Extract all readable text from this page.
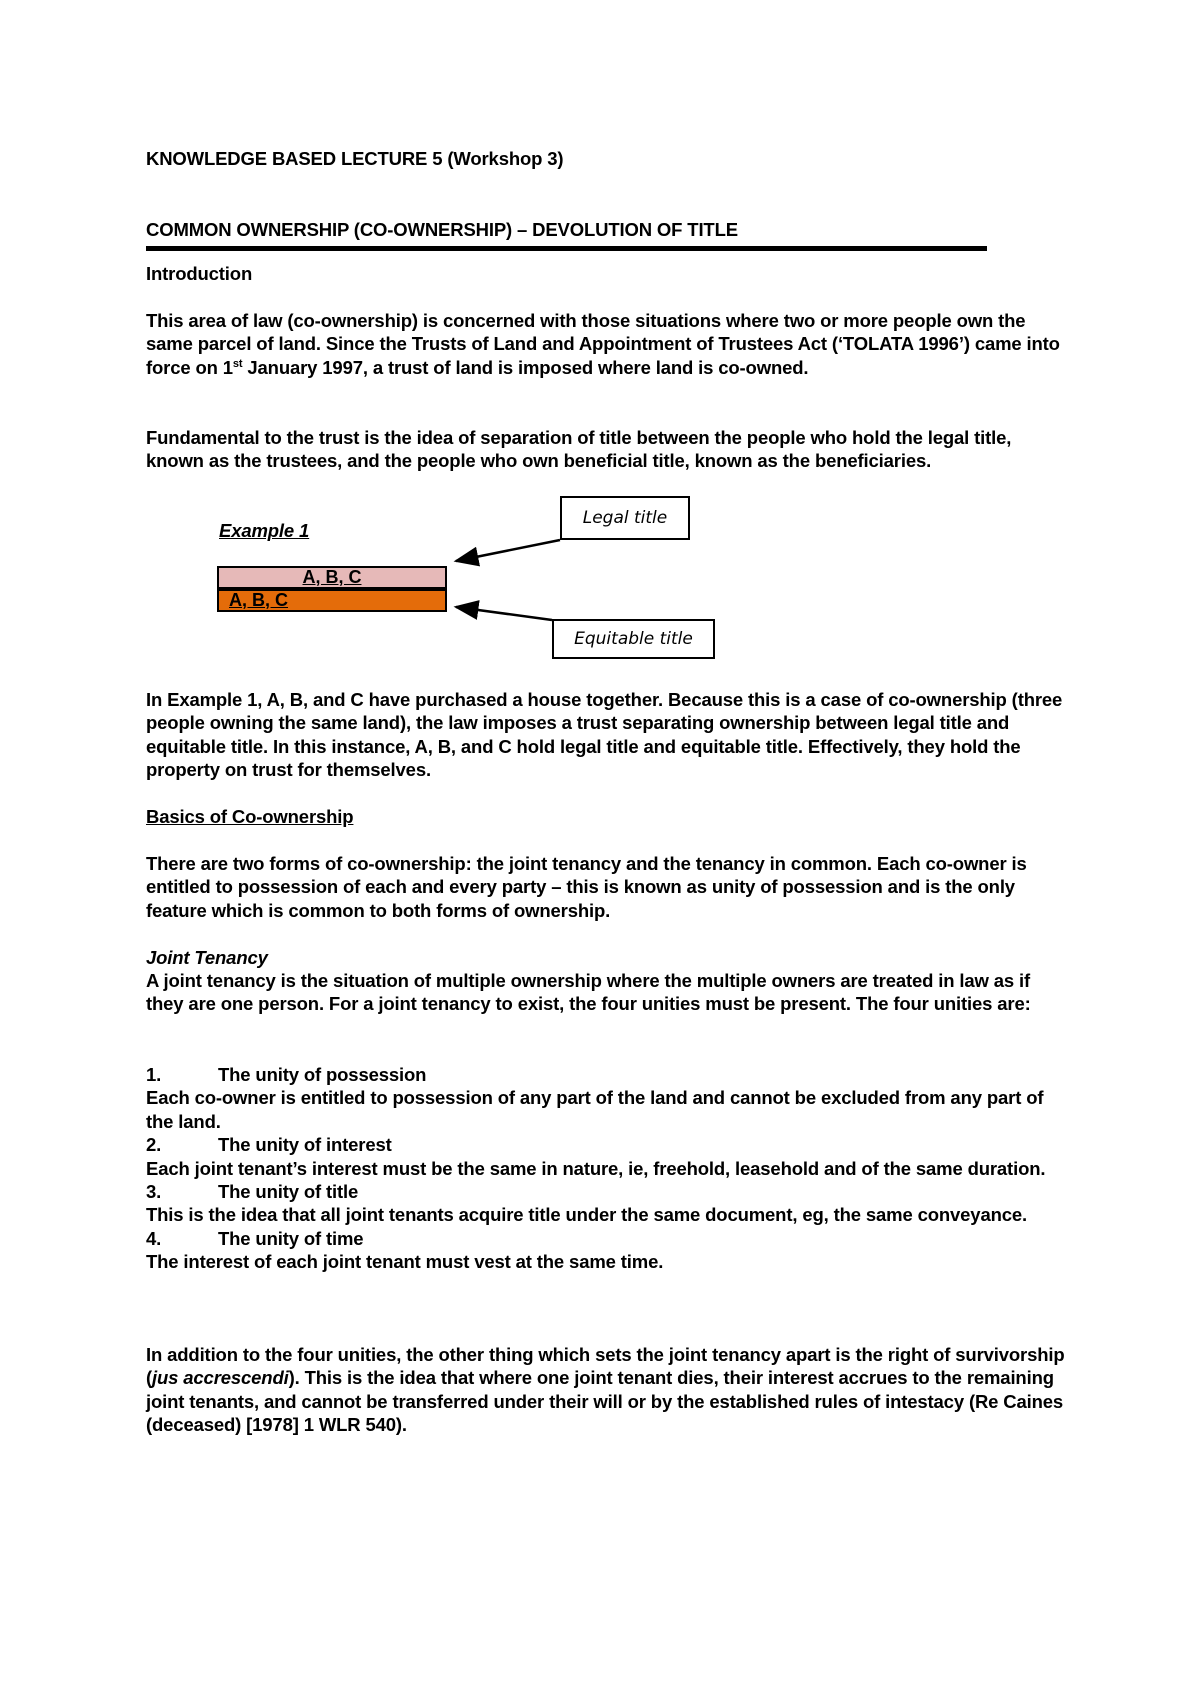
KNOWLEDGE BASED LECTURE 5 (Workshop 3)

COMMON OWNERSHIP (CO-OWNERSHIP) – DEVOLUTION OF TITLE

Introduction

This area of law (co-ownership) is concerned with those situations where two or more people own the same parcel of land. Since the Trusts of Land and Appointment of Trustees Act (‘TOLATA 1996’) came into force on 1st January 1997, a trust of land is imposed where land is co-owned.

Fundamental to the trust is the idea of separation of title between the people who hold the legal title, known as the trustees, and the people who own beneficial title, known as the beneficiaries.

Example 1

Legal title
Equitable title
A, B, C
A, B, C

In Example 1, A, B, and C have purchased a house together. Because this is a case of co-ownership (three people owning the same land), the law imposes a trust separating ownership between legal title and equitable title. In this instance, A, B, and C hold legal title and equitable title. Effectively, they hold the property on trust for themselves.

Basics of Co-ownership

There are two forms of co-ownership: the joint tenancy and the tenancy in common. Each co-owner is entitled to possession of each and every party – this is known as unity of possession and is the only feature which is common to both forms of ownership.

Joint Tenancy

A joint tenancy is the situation of multiple ownership where the multiple owners are treated in law as if they are one person. For a joint tenancy to exist, the four unities must be present. The four unities are:

1.	The unity of possession
Each co-owner is entitled to possession of any part of the land and cannot be excluded from any part of the land.
2.	The unity of interest
Each joint tenant’s interest must be the same in nature, ie, freehold, leasehold and of the same duration.
3.	The unity of title
This is the idea that all joint tenants acquire title under the same document, eg, the same conveyance.
4.	The unity of time
The interest of each joint tenant must vest at the same time.

In addition to the four unities, the other thing which sets the joint tenancy apart is the right of survivorship (jus accrescendi). This is the idea that where one joint tenant dies, their interest accrues to the remaining joint tenants, and cannot be transferred under their will or by the established rules of intestacy (Re Caines (deceased) [1978] 1 WLR 540).
